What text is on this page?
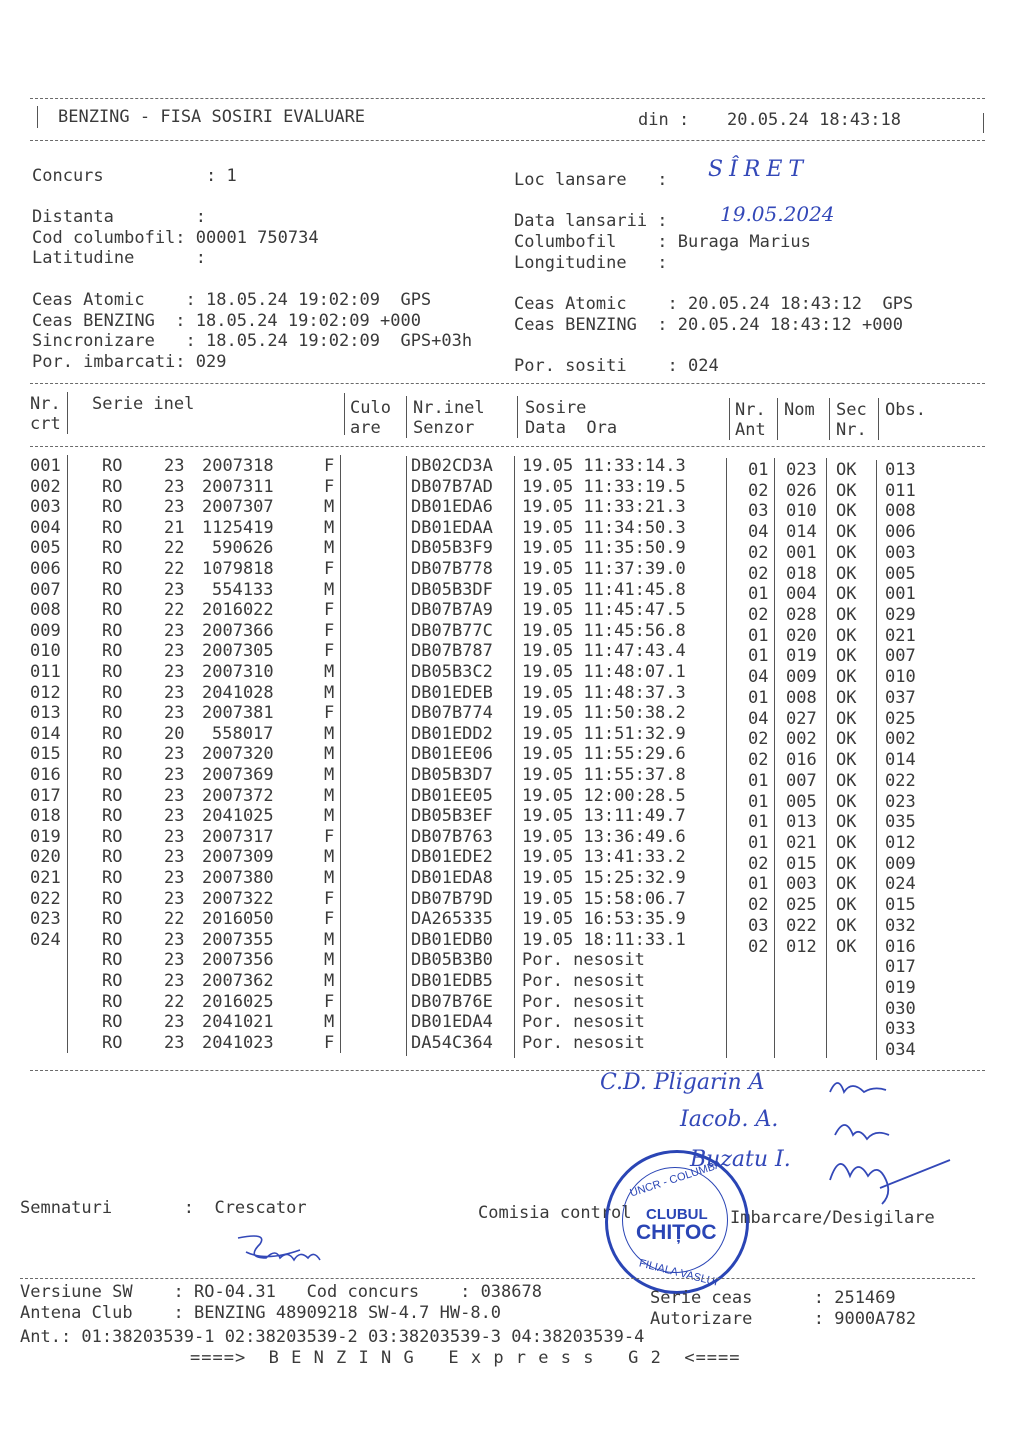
BENZING - FISA SOSIRI EVALUARE	din : 20.05.24 18:43:18
Concurs          : 1
Distanta        :
Cod columbofil: 00001 750734
Latitudine      :
Loc lansare   : SÎRET
Data lansarii :	19.05.2024
Columbofil    : Buraga Marius
Longitudine   :
Ceas Atomic    : 18.05.24 19:02:09  GPS
Ceas BENZING  : 18.05.24 19:02:09 +000
Sincronizare   : 18.05.24 19:02:09  GPS+03h
Por. imbarcati: 029
Ceas Atomic    : 20.05.24 18:43:12  GPS
Ceas BENZING  : 20.05.24 18:43:12 +000
Por. sositi    : 024
Nr.
crt
Serie inel	Culo
are
Nr.inel
Senzor
Sosire
Data  Ora
Nr.
Ant
Nom Sec
Nr.
Obs.
001 RO 23 2007318	F	DB02CD3A 19.05 11:33:14.3	01 023 OK 013
002 RO 23 2007311	F	DB07B7AD 19.05 11:33:19.5	02 026 OK 011
003 RO 23 2007307	M	DB01EDA6 19.05 11:33:21.3	03 010 OK 008
004 RO 21 1125419	M	DB01EDAA 19.05 11:34:50.3	04 014 OK 006
005 RO 22 590626	M	DB05B3F9 19.05 11:35:50.9	02 001 OK 003
006 RO 22 1079818	F	DB07B778 19.05 11:37:39.0	02 018 OK 005
007 RO 23 554133	M	DB05B3DF 19.05 11:41:45.8	01 004 OK 001
008 RO 22 2016022	F	DB07B7A9 19.05 11:45:47.5	02 028 OK 029
009 RO 23 2007366	F	DB07B77C 19.05 11:45:56.8	01 020 OK 021
010 RO 23 2007305	F	DB07B787 19.05 11:47:43.4	01 019 OK 007
011 RO 23 2007310	M	DB05B3C2 19.05 11:48:07.1	04 009 OK 010
012 RO 23 2041028	M	DB01EDEB 19.05 11:48:37.3	01 008 OK 037
013 RO 23 2007381	F	DB07B774 19.05 11:50:38.2	04 027 OK 025
014 RO 20 558017	M	DB01EDD2 19.05 11:51:32.9	02 002 OK 002
015 RO 23 2007320	M	DB01EE06 19.05 11:55:29.6	02 016 OK 014
016 RO 23 2007369	M	DB05B3D7 19.05 11:55:37.8	01 007 OK 022
017 RO 23 2007372	M	DB01EE05 19.05 12:00:28.5	01 005 OK 023
018 RO 23 2041025	M	DB05B3EF 19.05 13:11:49.7	01 013 OK 035
019 RO 23 2007317	F	DB07B763 19.05 13:36:49.6	01 021 OK 012
020 RO 23 2007309	M	DB01EDE2 19.05 13:41:33.2	02 015 OK 009
021 RO 23 2007380	M	DB01EDA8 19.05 15:25:32.9	01 003 OK 024
022 RO 23 2007322	F	DB07B79D 19.05 15:58:06.7	02 025 OK 015
023 RO 22 2016050	F	DA265335 19.05 16:53:35.9	03 022 OK 032
024 RO 23 2007355	M	DB01EDB0 19.05 18:11:33.1	02 012 OK 016
RO 23 2007356	M	DB05B3B0 Por. nesosit	017
RO 23 2007362	M	DB01EDB5 Por. nesosit	019
RO 22 2016025	F	DB07B76E Por. nesosit	030
RO 23 2041021	M	DB01EDA4 Por. nesosit	033
RO 23 2041023	F	DA54C364 Por. nesosit	034
C.D. Pligarin A
Iacob. A.
Buzatu I.
Semnaturi       :  Crescator	Comisia control	Imbarcare/Desigilare
UNCR - COLUMBA
CLUBUL
CHIȚOC
FILIALA VASLUI
Versiune SW    : RO-04.31   Cod concurs    : 038678
Antena Club    : BENZING 48909218 SW-4.7 HW-8.0
Ant.: 01:38203539-1 02:38203539-2 03:38203539-3 04:38203539-4
====>  B E N Z I N G   E x p r e s s   G 2  <====
Serie ceas      : 251469
Autorizare      : 9000A782
